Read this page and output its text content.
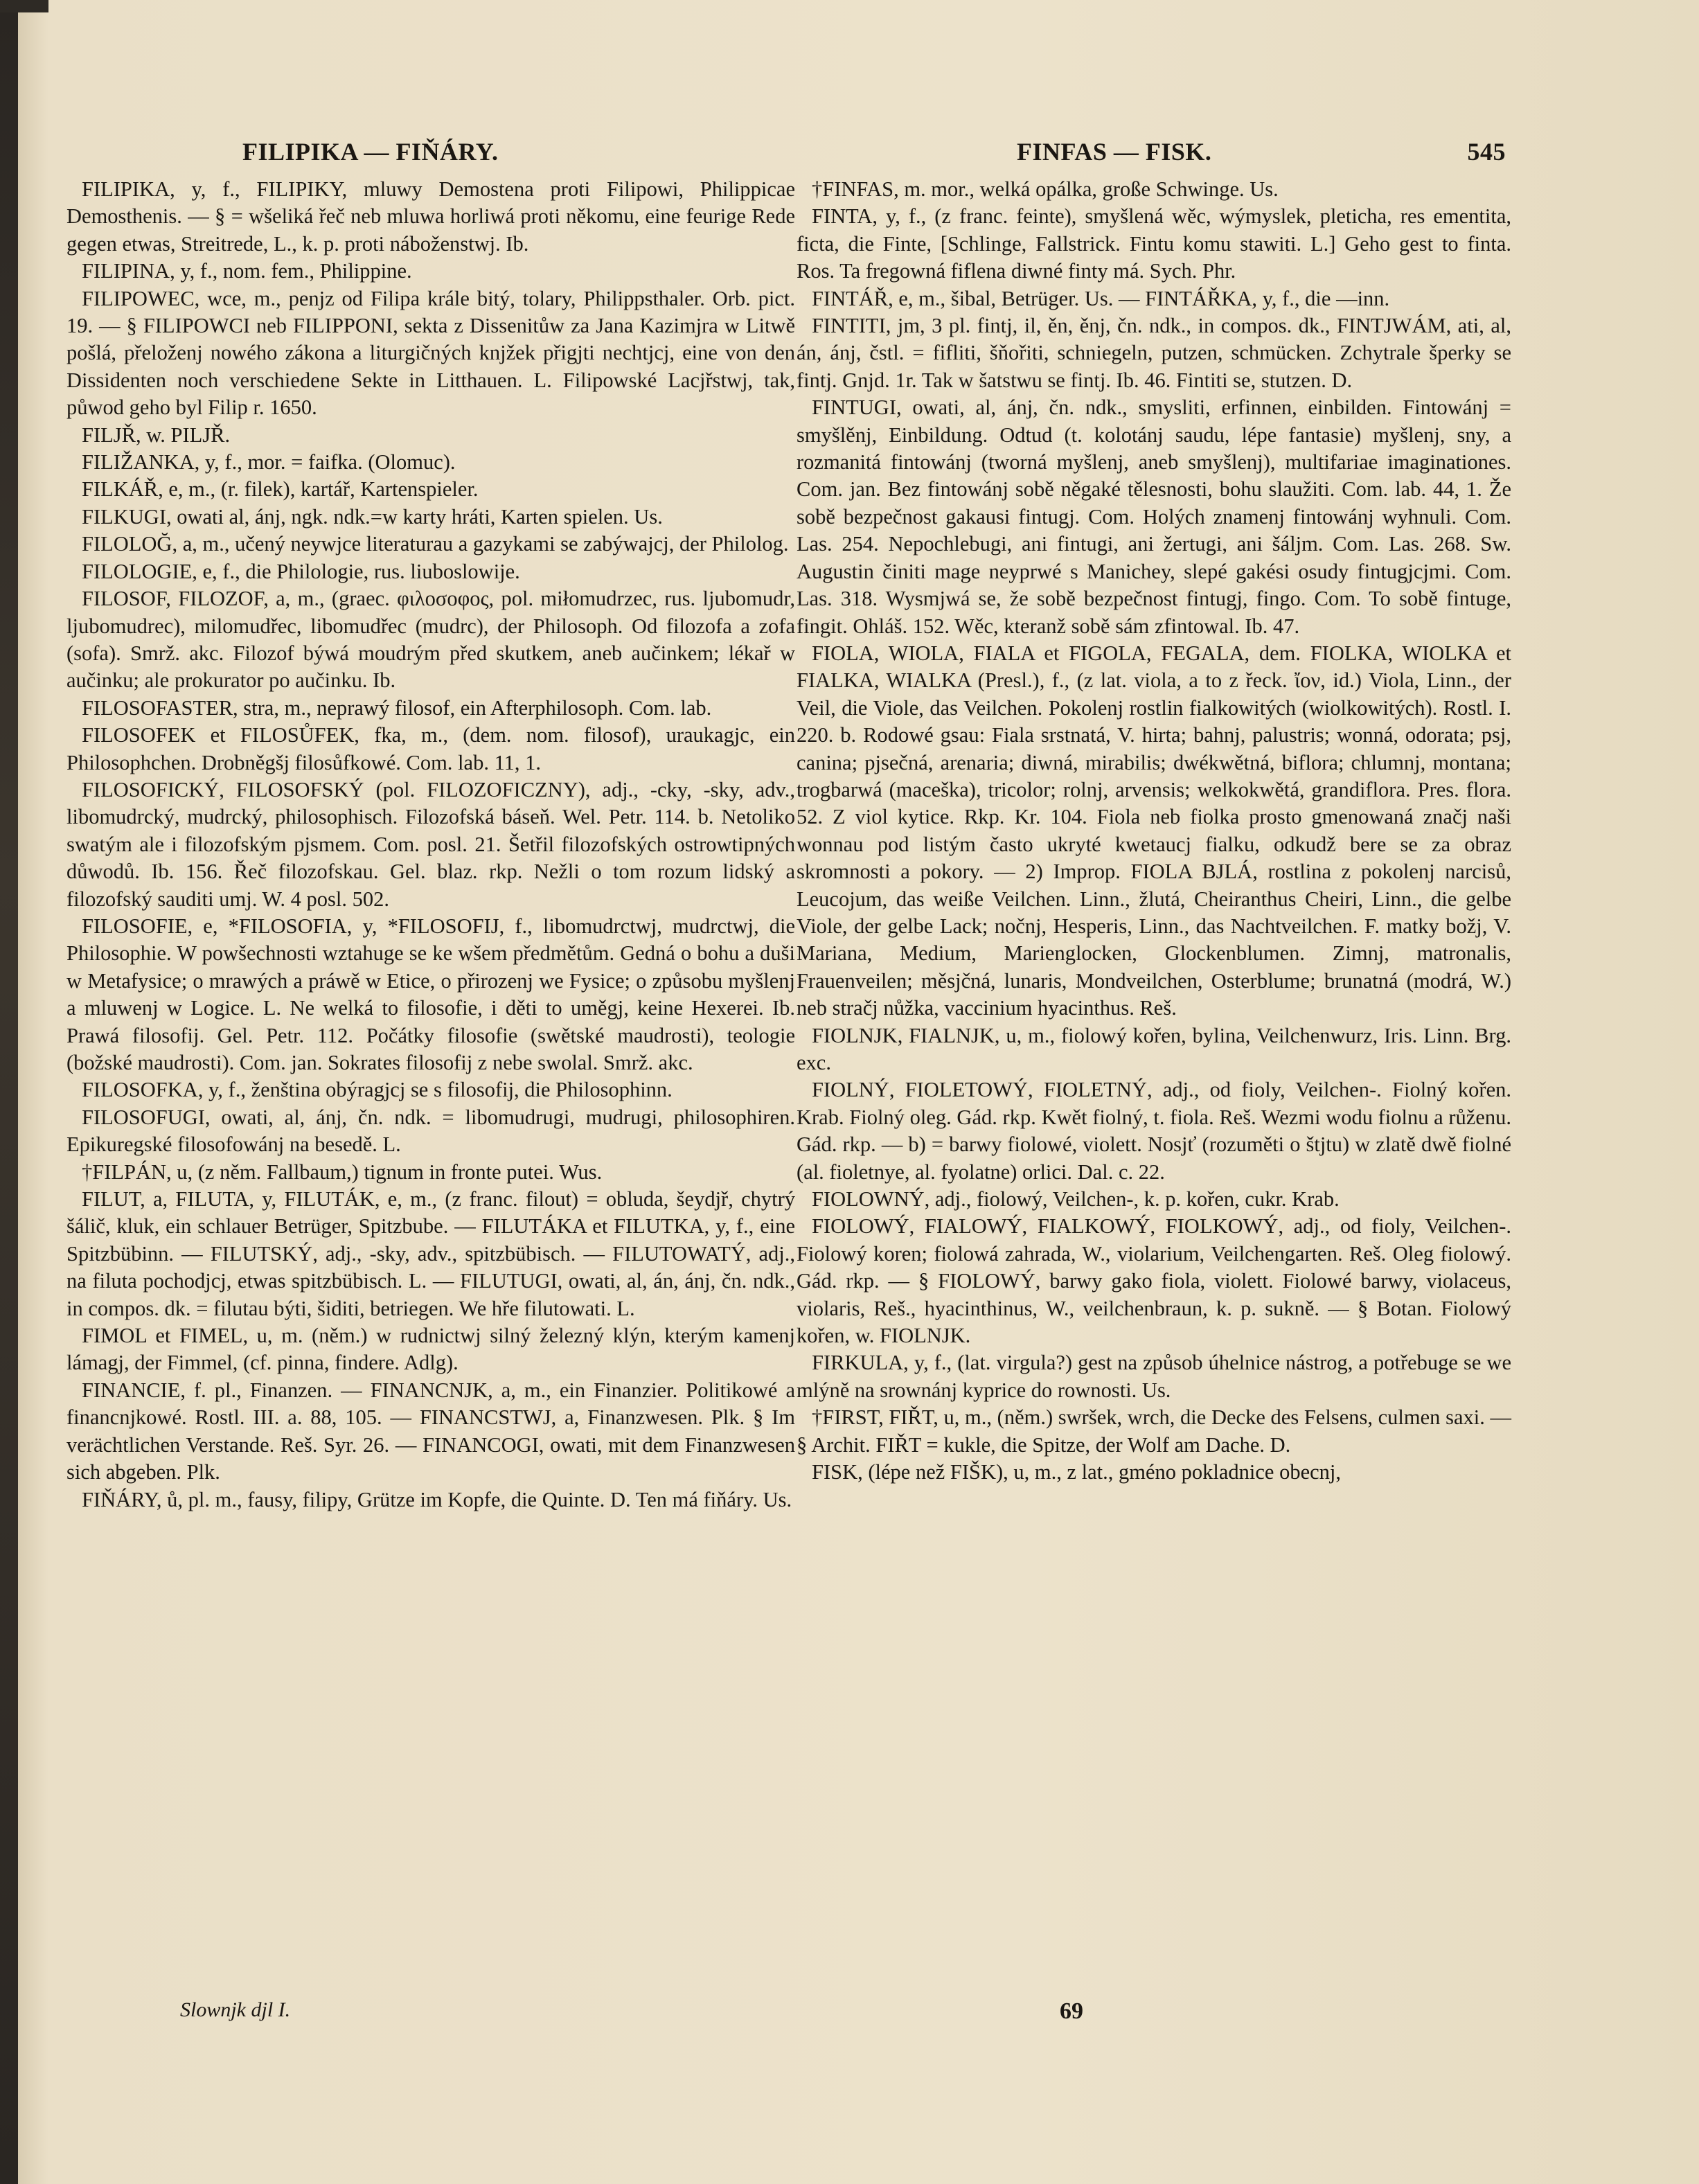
FILIPIKA — FIŇÁRY.	FINFAS — FISK.	545

FILIPIKA, y, f., FILIPIKY, mluwy Demostena proti Filipowi, Philippicae Demosthenis. — § = wšeliká řeč neb mluwa horliwá proti někomu, eine feurige Rede gegen etwas, Streitrede, L., k. p. proti náboženstwj. Ib.

FILIPINA, y, f., nom. fem., Philippine.

FILIPOWEC, wce, m., penjz od Filipa krále bitý, tolary, Philippsthaler. Orb. pict. 19. — § FILIPOWCI neb FILIPPONI, sekta z Dissenitůw za Jana Kazimjra w Litwě pošlá, přeloženj nowého zákona a liturgičných knjžek přigjti nechtjcj, eine von den Dissidenten noch verschiedene Sekte in Litthauen. L. Filipowské Lacjřstwj, tak, půwod geho byl Filip r. 1650.

FILJŘ, w. PILJŘ.

FILIŽANKA, y, f., mor. = faifka. (Olomuc).

FILKÁŘ, e, m., (r. filek), kartář, Kartenspieler.

FILKUGI, owati al, ánj, ngk. ndk.=w karty hráti, Karten spielen. Us.

FILOLOĞ, a, m., učený neywjce literaturau a gazykami se zabýwajcj, der Philolog.

FILOLOGIE, e, f., die Philologie, rus. liuboslowije.

FILOSOF, FILOZOF, a, m., (graec. φιλοσοφος, pol. miłomudrzec, rus. ljubomudr, ljubomudrec), milomudřec, libomudřec (mudrc), der Philosoph. Od filozofa a zofa (sofa). Smrž. akc. Filozof býwá moudrým před skutkem, aneb aučinkem; lékař w aučinku; ale prokurator po aučinku. Ib.

FILOSOFASTER, stra, m., neprawý filosof, ein Afterphilosoph. Com. lab.

FILOSOFEK et FILOSŮFEK, fka, m., (dem. nom. filosof), uraukagjc, ein Philosophchen. Drobněgšj filosůfkowé. Com. lab. 11, 1.

FILOSOFICKÝ, FILOSOFSKÝ (pol. FILOZOFICZNY), adj., -cky, -sky, adv., libomudrcký, mudrcký, philosophisch. Filozofská báseň. Wel. Petr. 114. b. Netoliko swatým ale i filozofským pjsmem. Com. posl. 21. Šetřil filozofských ostrowtipných důwodů. Ib. 156. Řeč filozofskau. Gel. blaz. rkp. Nežli o tom rozum lidský a filozofský sauditi umj. W. 4 posl. 502.

FILOSOFIE, e, *FILOSOFIA, y, *FILOSOFIJ, f., libomudrctwj, mudrctwj, die Philosophie. W powšechnosti wztahuge se ke wšem předmětům. Gedná o bohu a duši w Metafysice; o mrawých a práwě w Etice, o přirozenj we Fysice; o způsobu myšlenj a mluwenj w Logice. L. Ne welká to filosofie, i děti to uměgj, keine Hexerei. Ib. Prawá filosofij. Gel. Petr. 112. Počátky filosofie (swětské maudrosti), teologie (božské maudrosti). Com. jan. Sokrates filosofij z nebe swolal. Smrž. akc.

FILOSOFKA, y, f., ženština obýragjcj se s filosofij, die Philosophinn.

FILOSOFUGI, owati, al, ánj, čn. ndk. = libomudrugi, mudrugi, philosophiren. Epikuregské filosofowánj na besedě. L.

†FILPÁN, u, (z něm. Fallbaum,) tignum in fronte putei. Wus.

FILUT, a, FILUTA, y, FILUTÁK, e, m., (z franc. filout) = obluda, šeydjř, chytrý šálič, kluk, ein schlauer Betrüger, Spitzbube. — FILUTÁKA et FILUTKA, y, f., eine Spitzbübinn. — FILUTSKÝ, adj., -sky, adv., spitzbübisch. — FILUTOWATÝ, adj., na filuta pochodjcj, etwas spitzbübisch. L. — FILUTUGI, owati, al, án, ánj, čn. ndk., in compos. dk. = filutau býti, šiditi, betriegen. We hře filutowati. L.

FIMOL et FIMEL, u, m. (něm.) w rudnictwj silný železný klýn, kterým kamenj lámagj, der Fimmel, (cf. pinna, findere. Adlg).

FINANCIE, f. pl., Finanzen. — FINANCNJK, a, m., ein Finanzier. Politikowé a financnjkowé. Rostl. III. a. 88, 105. — FINANCSTWJ, a, Finanzwesen. Plk. § Im verächtlichen Verstande. Reš. Syr. 26. — FINANCOGI, owati, mit dem Finanzwesen sich abgeben. Plk.

FIŇÁRY, ů, pl. m., fausy, filipy, Grütze im Kopfe, die Quinte. D. Ten má fiňáry. Us.

†FINFAS, m. mor., welká opálka, große Schwinge. Us.

FINTA, y, f., (z franc. feinte), smyšlená wěc, wýmyslek, pletichа, res ementita, ficta, die Finte, [Schlinge, Fallstrick. Fintu komu stawiti. L.] Geho gest to finta. Ros. Ta fregowná fiflena diwné finty má. Sych. Phr.

FINTÁŘ, e, m., šibal, Betrüger. Us. — FINTÁŘKA, y, f., die —inn.

FINTITI, jm, 3 pl. fintj, il, ěn, ěnj, čn. ndk., in compos. dk., FINTJWÁM, ati, al, án, ánj, čstl. = fifliti, šňořiti, schniegeln, putzen, schmücken. Zchytrale šperky se fintj. Gnjd. 1r. Tak w šatstwu se fintj. Ib. 46. Fintiti se, stutzen. D.

FINTUGI, owati, al, ánj, čn. ndk., smysliti, erfinnen, einbilden. Fintowánj = smyšlěnj, Einbildung. Odtud (t. kolotánj saudu, lépe fantasie) myšlenj, sny, a rozmanitá fintowánj (tworná myšlenj, aneb smyšlenj), multifariae imaginationes. Com. jan. Bez fintowánj sobě něgaké tělesnosti, bohu slaužiti. Com. lab. 44, 1. Že sobě bezpečnost gakausi fintugj. Com. Holých znamenj fintowánj wyhnuli. Com. Las. 254. Nepochlebugi, ani fintugi, ani žertugi, ani šáljm. Com. Las. 268. Sw. Augustin činiti mage neyprwé s Manichey, slepé gakési osudy fintugjcjmi. Com. Las. 318. Wysmjwá se, že sobě bezpečnost fintugj, fingo. Com. To sobě fintuge, fingit. Ohláš. 152. Wěc, kteranž sobě sám zfintowal. Ib. 47.

FIOLA, WIOLA, FIALA et FIGOLA, FEGALA, dem. FIOLKA, WIOLKA et FIALKA, WIALKA (Presl.), f., (z lat. viola, a to z řeck. ἴον, id.) Viola, Linn., der Veil, die Viole, das Veilchen. Pokolenj rostlin fialkowitých (wiolkowitých). Rostl. I. 220. b. Rodowé gsau: Fiala srstnatá, V. hirta; bahnj, palustris; wonná, odorata; psj, canina; pjsečná, arenaria; diwná, mirabilis; dwékwětná, biflora; chlumnj, montana; trogbarwá (maceška), tricolor; rolnj, arvensis; welkokwětá, grandiflora. Pres. flora. 52. Z viol kytice. Rkp. Kr. 104. Fiola neb fiolka prosto gmenowaná značj naši wonnau pod listým často ukryté kwetaucj fialku, odkudž bere se za obraz skromnosti a pokory. — 2) Improp. FIOLA BJLÁ, rostlina z pokolenj narcisů, Leucojum, das weiße Veilchen. Linn., žlutá, Cheiranthus Cheiri, Linn., die gelbe Viole, der gelbe Lack; nočnj, Hesperis, Linn., das Nachtveilchen. F. matky božj, V. Mariana, Medium, Marienglocken, Glockenblumen. Zimnj, matronalis, Frauenveilen; měsjčná, lunaris, Mondveilchen, Osterblume; brunatná (modrá, W.) neb stračj nůžka, vaccinium hyacinthus. Reš.

FIOLNJK, FIALNJK, u, m., fiolowý kořen, bylina, Veilchenwurz, Iris. Linn. Brg. exc.

FIOLNÝ, FIOLETOWÝ, FIOLETNÝ, adj., od fioly, Veilchen-. Fiolný kořen. Krab. Fiolný oleg. Gád. rkp. Kwět fiolný, t. fiola. Reš. Wezmi wodu fiolnu a růženu. Gád. rkp. — b) = barwy fiolowé, violett. Nosjť (rozuměti o štjtu) w zlatě dwě fiolné (al. fioletnye, al. fyolatne) orlici. Dal. c. 22.

FIOLOWNÝ, adj., fiolowý, Veilchen-, k. p. kořen, cukr. Krab.

FIOLOWÝ, FIALOWÝ, FIALKOWÝ, FIOLKOWÝ, adj., od fioly, Veilchen-. Fiolowý koren; fiolowá zahrada, W., violarium, Veilchengarten. Reš. Oleg fiolowý. Gád. rkp. — § FIOLOWÝ, barwy gako fiola, violett. Fiolowé barwy, violaceus, violaris, Reš., hyacinthinus, W., veilchenbraun, k. p. sukně. — § Botan. Fiolowý kořen, w. FIOLNJK.

FIRKULA, y, f., (lat. virgula?) gest na způsob úhelnice nástrog, a potřebuge se we mlýně na srownánj kyprice do rownosti. Us.

†FIRST, FIŘT, u, m., (něm.) swršek, wrch, die Decke des Felsens, culmen saxi. — § Archit. FIŘT = kukle, die Spitze, der Wolf am Dache. D.

FISK, (lépe než FIŠK), u, m., z lat., gméno pokladnice obecnj,

Slownjk djl I.	69
